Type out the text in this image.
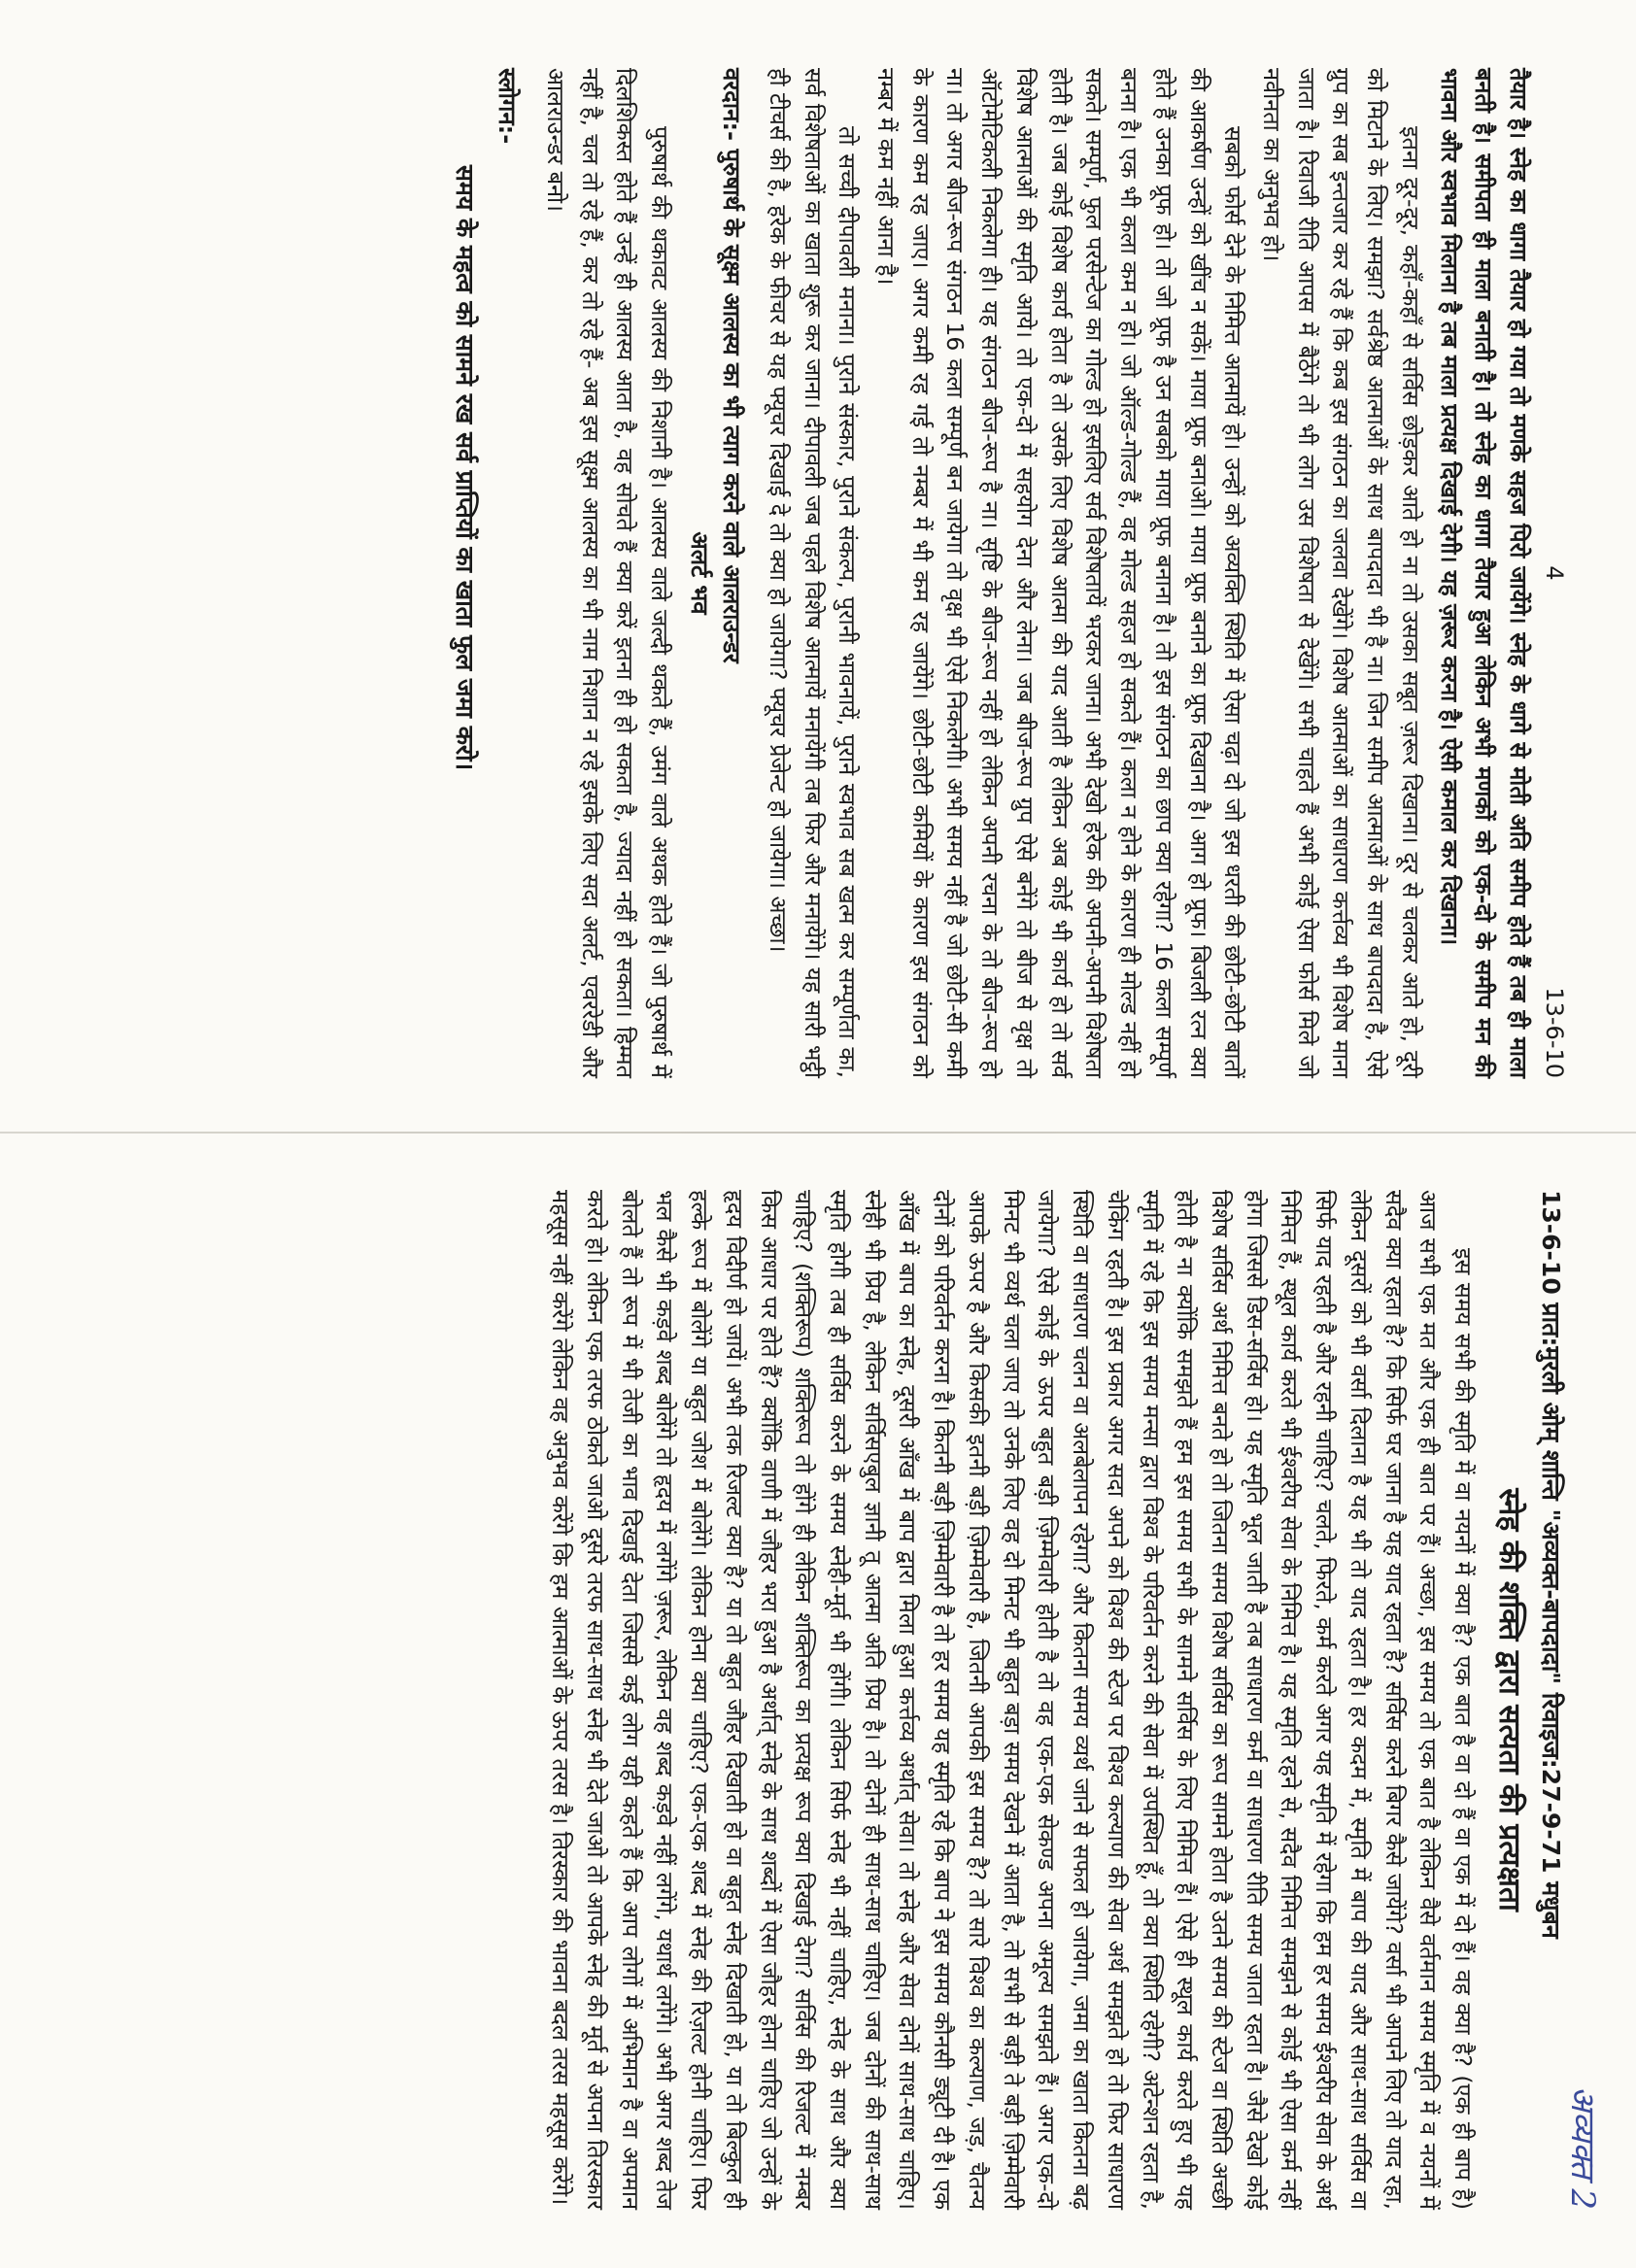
4
13-6-10

तैयार है। स्नेह का धागा तैयार हो गया तो मणके सहज पिरो जायेंगे। स्नेह के धागे से मोती अति समीप होते हैं तब ही माला बनती है। समीपता ही माला बनाती है। तो स्नेह का धागा तैयार हुआ लेकिन अभी मणकों को एक-दो के समीप मन की भावना और स्वभाव मिलाना है तब माला प्रत्यक्ष दिखाई देगी। यह ज़रूर करना है। ऐसी कमाल कर दिखाना।

इतना दूर-दूर, कहाँ-कहाँ से सर्विस छोड़कर आते हो ना तो उसका सबूत ज़रूर दिखाना। दूर से चलकर आते हो, दूरी को मिटाने के लिए। समझा? सर्वश्रेष्ठ आत्माओं के साथ बापदादा भी है ना। जिन समीप आत्माओं के साथ बापदादा है, ऐसे ग्रुप का सब इन्तजार कर रहे हैं कि कब इस संगठन का जलवा देखेंगे। विशेष आत्माओं का साधारण कर्त्तव्य भी विशेष माना जाता है। रिवाजी रीति आपस में बैठेंगे तो भी लोग उस विशेषता से देखेंगे। सभी चाहते हैं अभी कोई ऐसा फोर्स मिले जो नवीनता का अनुभव हो।

सबको फोर्स देने के निमित्त आत्मायें हो। उन्हों को अव्यक्ति स्थिति में ऐसा चढ़ा दो जो इस धरती की छोटी-छोटी बातों की आकर्षण उन्हों को खींच न सकें। माया प्रूफ बनाओ। माया प्रूफ बनाने का प्रूफ दिखाना है। आग हो प्रूफ। बिजली रत्न क्या होते हैं उनका प्रूफ हो। तो जो प्रूफ है उन सबको माया प्रूफ बनाना है। तो इस संगठन का छाप क्या रहेगा? 16 कला सम्पूर्ण बनना है। एक भी कला कम न हो। जो ऑल्ड-गोल्ड हैं, वह मोल्ड सहज हो सकते हैं। कला न होने के कारण ही मोल्ड नहीं हो सकते। सम्पूर्ण, फुल परसेन्टेज का गोल्ड हो इसलिए सर्व विशेषतायें भरकर जाना। अभी देखो हरेक की अपनी-अपनी विशेषता होती है। जब कोई विशेष कार्य होता है तो उसके लिए विशेष आत्मा की याद आती है लेकिन अब कोई भी कार्य हो तो सर्व विशेष आत्माओं की स्मृति आये। तो एक-दो में सहयोग देना और लेना। जब बीज-रूप ग्रुप ऐसे बनेंगे तो बीज से वृक्ष तो ऑटोमेटिकली निकलेगा ही। यह संगठन बीज-रूप है ना। सृष्टि के बीज-रूप नहीं हो लेकिन अपनी रचना के तो बीज-रूप हो ना। तो अगर बीज-रूप संगठन 16 कला सम्पूर्ण बन जायेगा तो वृक्ष भी ऐसे निकलेगी। अभी समय नहीं है जो छोटी-सी कमी के कारण कम रह जाए। अगर कमी रह गई तो नम्बर में भी कम रह जायेंगे। छोटी-छोटी कमियों के कारण इस संगठन को नम्बर में कम नहीं आना है।

तो सच्ची दीपावली मनाना। पुराने संस्कार, पुराने संकल्प, पुरानी भावनायें, पुराने स्वभाव सब खत्म कर सम्पूर्णता का, सर्व विशेषताओं का खाता शुरू कर जाना। दीपावली जब पहले विशेष आत्मायें मनायेंगी तब फिर और मनायेंगे। यह सारी भट्ठी ही टीचर्स की है, हरेक के फीचर से यह फ्यूचर दिखाई दे तो क्या हो जायेगा? फ्यूचर प्रेजेन्ट हो जायेगा। अच्छा।

वरदान:- पुरुषार्थ के सूक्ष्म आलस्य का भी त्याग करने वाले आलराउन्डर
अलर्ट भव

पुरुषार्थ की थकावट आलस्य की निशानी है। आलस्य वाले जल्दी थकते हैं, उमंग वाले अथक होते हैं। जो पुरुषार्थ में दिलशिकस्त होते हैं उन्हें ही आलस्य आता है, वह सोचते हैं क्या करें इतना ही हो सकता है, ज्यादा नहीं हो सकता। हिम्मत नहीं है, चल तो रहे हैं, कर तो रहे हैं- अब इस सूक्ष्म आलस्य का भी नाम निशान न रहे इसके लिए सदा अलर्ट, एवररेडी और आलराउन्डर बनो।

स्लोगन:-
समय के महत्व को सामने रख सर्व प्राप्तियों का खाता फुल जमा करो।
अव्यक्त 2
13-6-10 प्रात:मुरली ओम् शान्ति "अव्यक्त-बापदादा" रिवाइज:27-9-71 मधुबन
स्नेह की शक्ति द्वारा सत्यता की प्रत्यक्षता

इस समय सभी की स्मृति में वा नयनों में क्या है? एक बात है वा दो हैं वा एक में दो हैं। वह क्या है? (एक ही बाप है) आज सभी एक मत और एक ही बात पर हैं। अच्छा, इस समय तो एक बात है लेकिन वैसे वर्तमान समय स्मृति में व नयनों में सदैव क्या रहता है? कि सिर्फ घर जाना है यह याद रहता है? सर्विस करने बिगर कैसे जायेंगे? वर्सा भी आपने लिए तो याद रहा, लेकिन दूसरों को भी वर्सा दिलाना है यह भी तो याद रहता है। हर कदम में, स्मृति में बाप की याद और साथ-साथ सर्विस वा सिर्फ याद रहती है और रहनी चाहिए? चलते, फिरते, कर्म करते अगर यह स्मृति में रहेगा कि हम हर समय ईश्वरीय सेवा के अर्थ निमित्त हैं, स्थूल कार्य करते भी ईश्वरीय सेवा के निमित्त है। यह स्मृति रहने से, सदैव निमित्त समझने से कोई भी ऐसा कर्म नहीं होगा जिससे डिस-सर्विस हो। यह स्मृति भूल जाती है तब साधारण कर्म वा साधारण रीति समय जाता रहता है। जैसे देखो कोई विशेष सर्विस अर्थ निमित्त बनते हो तो जितना समय विशेष सर्विस का रूप सामने होता है उतने समय की स्टेज वा स्थिति अच्छी होती है ना क्योंकि समझते हैं हम इस समय सभी के सामने सर्विस के लिए निमित्त हैं। ऐसे ही स्थूल कार्य करते हुए भी यह स्मृति में रहे कि इस समय मन्सा द्वारा विश्व के परिवर्तन करने की सेवा में उपस्थित हूँ, तो क्या स्थिति रहेगी? अटेन्शन रहता है, चेकिंग रहती है। इस प्रकार अगर सदा अपने को विश्व की स्टेज पर विश्व कल्याण की सेवा अर्थ समझते हो तो फिर साधारण स्थिति वा साधारण चलन वा अलबेलापन रहेगा? और कितना समय व्यर्थ जाने से सफल हो जायेगा, जमा का खाता कितना बढ़ जायेगा? ऐसे कोई के ऊपर बहुत बड़ी ज़िम्मेवारी होती है तो वह एक-एक सेकण्ड अपना अमूल्य समझते हैं। अगर एक-दो मिनट भी व्यर्थ चला जाए तो उनके लिए वह दो मिनट भी बहुत बड़ा समय देखने में आता है, तो सभी से बड़ी ते बड़ी ज़िम्मेवारी आपके ऊपर है और किसकी इतनी बड़ी ज़िम्मेवारी है, जितनी आपकी इस समय है? तो सारे विश्व का कल्याण, जड़, चैतन्य दोनों को परिवर्तन करना है। कितनी बड़ी ज़िम्मेवारी है तो हर समय यह स्मृति रहे कि बाप ने इस समय कौनसी ड्यूटी दी है। एक आँख में बाप का स्नेह, दूसरी आँख में बाप द्वारा मिला हुआ कर्त्तव्य अर्थात् सेवा। तो स्नेह और सेवा दोनों साथ-साथ चाहिए। स्नेही भी प्रिय है, लेकिन सर्विसएबुल ज्ञानी तू आत्मा अति प्रिय है। तो दोनों ही साथ-साथ चाहिए। जब दोनों की साथ-साथ स्मृति होगी तब ही सर्विस करने के समय स्नेही-मूर्त भी होंगी। लेकिन सिर्फ स्नेह भी नहीं चाहिए, स्नेह के साथ और क्या चाहिए? (शक्तिरूप) शक्तिरूप तो होंगे ही लेकिन शक्तिरूप का प्रत्यक्ष रूप क्या दिखाई देगा? सर्विस की रिजल्ट में नम्बर किस आधार पर होते हैं? क्योंकि वाणी में जौहर भरा हुआ है अर्थात् स्नेह के साथ शब्दों में ऐसा जौहर होना चाहिए जो उन्हों के हृदय विदीर्ण हो जायें। अभी तक रिजल्ट क्या है? या तो बहुत जौहर दिखाती हो वा बहुत स्नेह दिखाती हो, या तो बिल्कुल ही हल्के रूप में बोलेंगे या बहुत जोश में बोलेंगे। लेकिन होना क्या चाहिए? एक-एक शब्द में स्नेह की रिज़ल्ट होनी चाहिए। फिर भल कैसे भी कड़वे शब्द बोलेंगे तो हृदय में लगेंगे ज़रूर, लेकिन वह शब्द कड़वे नहीं लगेंगे, यथार्थ लगेंगे। अभी अगर शब्द तेज बोलते हैं तो रूप में भी तेजी का भाव दिखाई देता जिससे कई लोग यही कहते हैं कि आप लोगों में अभिमान है वा अपमान करते हो। लेकिन एक तरफ ठोकते जाओ दूसरे तरफ साथ-साथ स्नेह भी देते जाओ तो आपके स्नेह की मूर्त से अपना तिरस्कार महसूस नहीं करेंगे लेकिन वह अनुभव करेंगे कि हम आत्माओं के ऊपर तरस है। तिरस्कार की भावना बदल तरस महसूस करेंगे।
